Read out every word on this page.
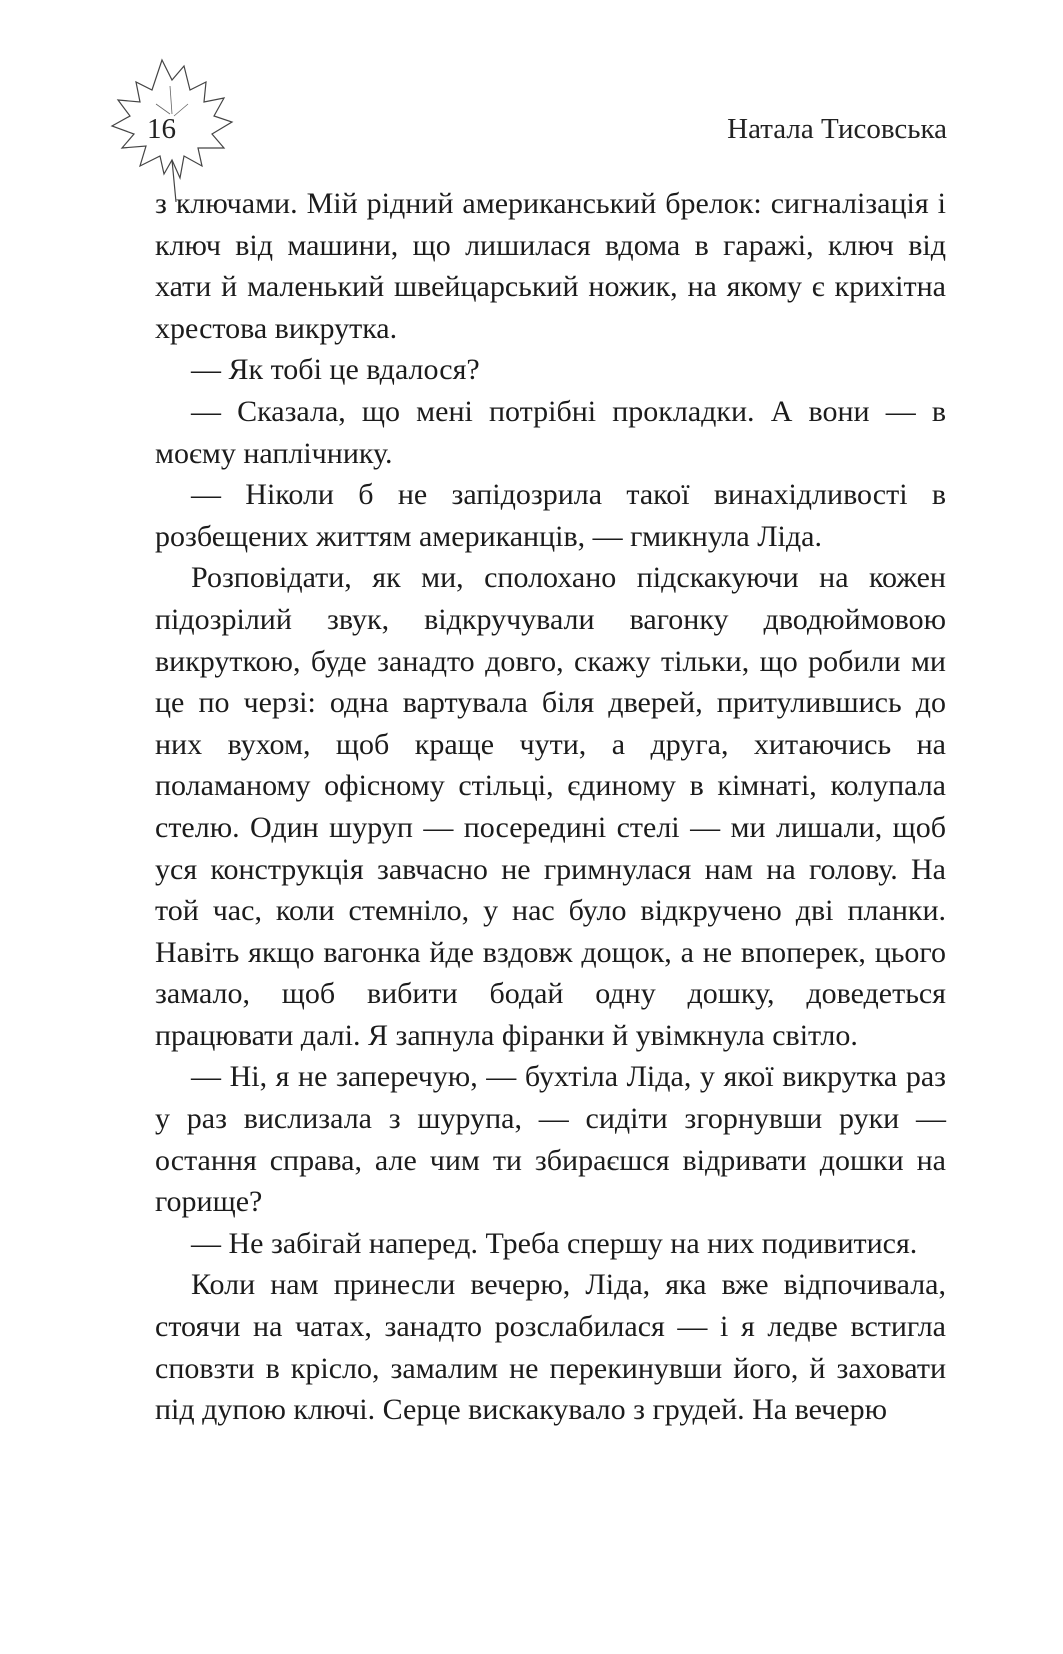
16	Натала Тисовська

з ключами. Мій рідний американський брелок: сигналізація і ключ від машини, що лишилася вдома в гаражі, ключ від хати й маленький швейцарський ножик, на якому є крихітна хрестова викрутка.

— Як тобі це вдалося?

— Сказала, що мені потрібні прокладки. А вони — в моєму наплічнику.

— Ніколи б не запідозрила такої винахідливості в розбещених життям американців, — гмикнула Ліда.

Розповідати, як ми, сполохано підскакуючи на кожен підозрілий звук, відкручували вагонку дводюймовою викруткою, буде занадто довго, скажу тільки, що робили ми це по черзі: одна вартувала біля дверей, притулившись до них вухом, щоб краще чути, а друга, хитаючись на поламаному офісному стільці, єдиному в кімнаті, колупала стелю. Один шуруп — посередині стелі — ми лишали, щоб уся конструкція завчасно не гримнулася нам на голову. На той час, коли стемніло, у нас було відкручено дві планки. Навіть якщо вагонка йде вздовж дощок, а не впоперек, цього замало, щоб вибити бодай одну дошку, доведеться працювати далі. Я запнула фіранки й увімкнула світло.

— Ні, я не заперечую, — бухтіла Ліда, у якої викрутка раз у раз вислизала з шурупа, — сидіти згорнувши руки — остання справа, але чим ти збираєшся відривати дошки на горище?

— Не забігай наперед. Треба спершу на них подивитися.

Коли нам принесли вечерю, Ліда, яка вже відпочивала, стоячи на чатах, занадто розслабилася — і я ледве встигла сповзти в крісло, замалим не перекинувши його, й заховати під дупою ключі. Серце вискакувало з грудей. На вечерю
